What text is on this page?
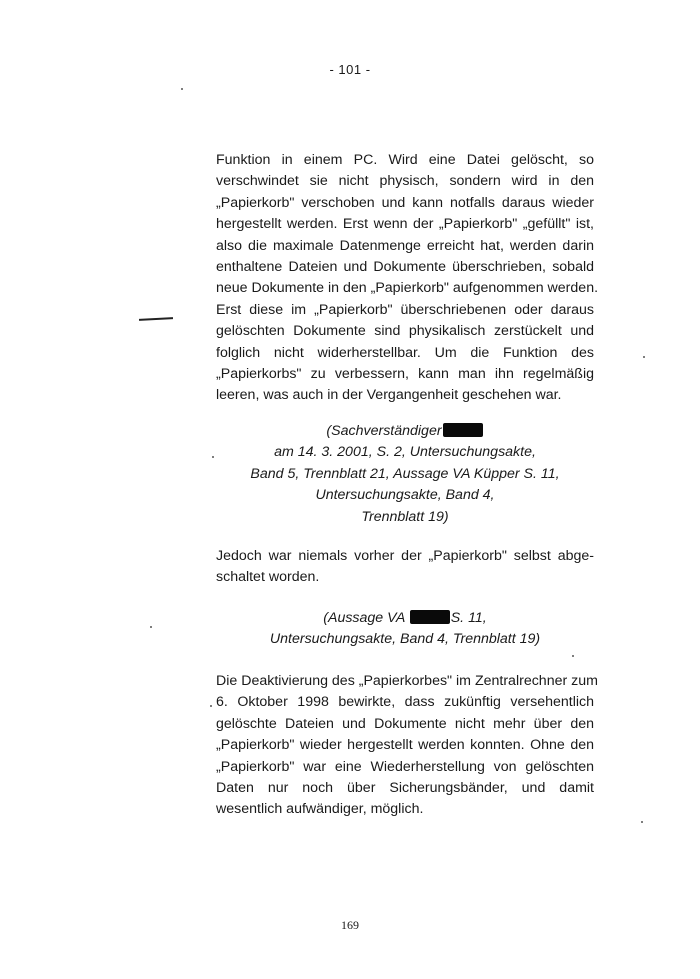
- 101 -
Funktion in einem PC. Wird eine Datei gelöscht, so
verschwindet sie nicht physisch, sondern wird in den
„Papierkorb" verschoben und kann notfalls daraus wieder
hergestellt werden. Erst wenn der „Papierkorb" „gefüllt" ist,
also die maximale Datenmenge erreicht hat, werden darin
enthaltene Dateien und Dokumente überschrieben, sobald
neue Dokumente in den „Papierkorb" aufgenommen werden.
Erst diese im „Papierkorb" überschriebenen oder daraus
gelöschten Dokumente sind physikalisch zerstückelt und
folglich nicht widerherstellbar. Um die Funktion des
„Papierkorbs" zu verbessern, kann man ihn regelmäßig
leeren, was auch in der Vergangenheit geschehen war.
(Sachverständiger
am 14. 3. 2001, S. 2, Untersuchungsakte,
Band 5, Trennblatt 21, Aussage VA Küpper S. 11,
Untersuchungsakte, Band 4,
Trennblatt 19)
Jedoch war niemals vorher der „Papierkorb" selbst abge-
schaltet worden.
(Aussage VA	S. 11,
Untersuchungsakte, Band 4, Trennblatt 19)
Die Deaktivierung des „Papierkorbes" im Zentralrechner zum
6. Oktober 1998 bewirkte, dass zukünftig versehentlich
gelöschte Dateien und Dokumente nicht mehr über den
„Papierkorb" wieder hergestellt werden konnten. Ohne den
„Papierkorb" war eine Wiederherstellung von gelöschten
Daten nur noch über Sicherungsbänder, und damit
wesentlich aufwändiger, möglich.
169
